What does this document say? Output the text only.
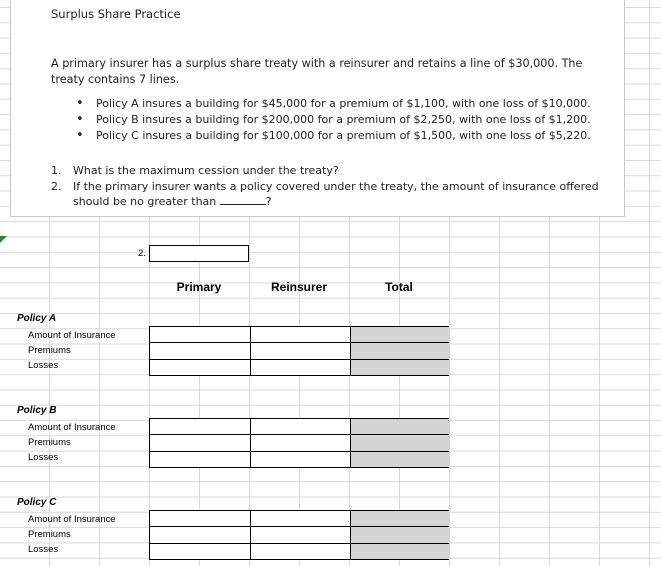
Surplus Share Practice
A primary insurer has a surplus share treaty with a reinsurer and retains a line of $30,000. The treaty contains 7 lines.
• Policy A insures a building for $45,000 for a premium of $1,100, with one loss of $10,000.
• Policy B insures a building for $200,000 for a premium of $2,250, with one loss of $1,200.
• Policy C insures a building for $100,000 for a premium of $1,500, with one loss of $5,220.
1. What is the maximum cession under the treaty?
2. If the primary insurer wants a policy covered under the treaty, the amount of insurance offered should be no greater than	?
2.
Primary	Reinsurer	Total
Policy A
Amount of Insurance
Premiums
Losses
Policy B
Amount of Insurance
Premiums
Losses
Policy C
Amount of Insurance
Premiums
Losses
